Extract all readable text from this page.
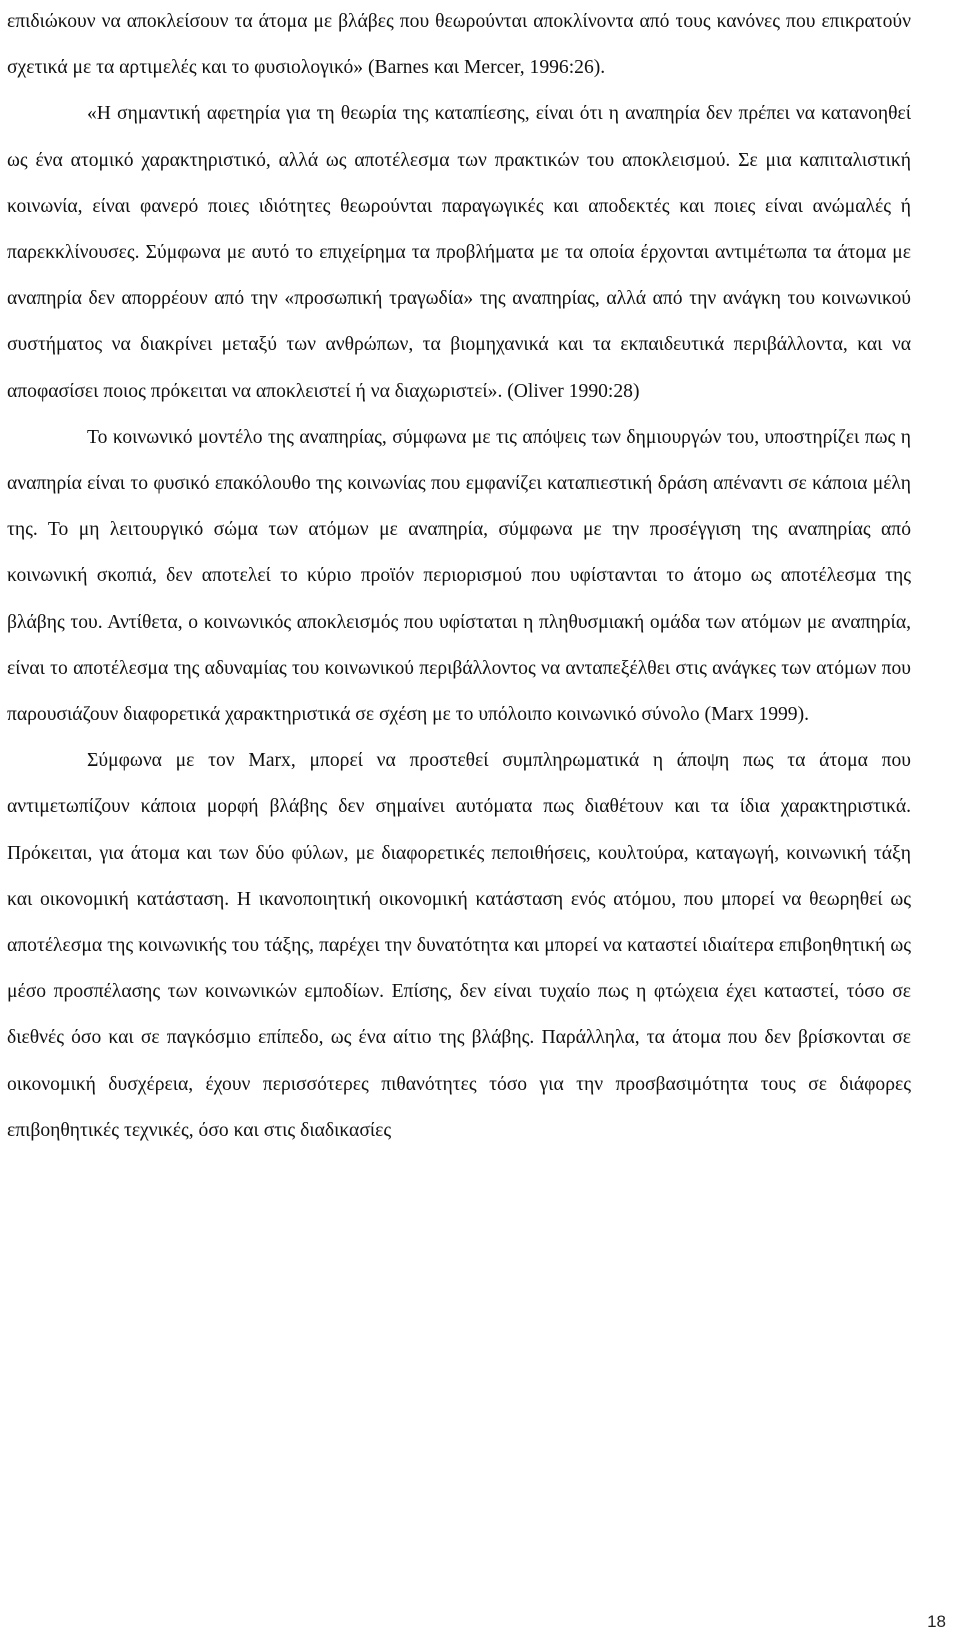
επιδιώκουν να αποκλείσουν τα άτομα με βλάβες που θεωρούνται αποκλίνοντα από τους κανόνες που επικρατούν σχετικά με τα αρτιμελές και το φυσιολογικό» (Barnes και Mercer, 1996:26).

«Η σημαντική αφετηρία για τη θεωρία της καταπίεσης, είναι ότι η αναπηρία δεν πρέπει να κατανοηθεί ως ένα ατομικό χαρακτηριστικό, αλλά ως αποτέλεσμα των πρακτικών του αποκλεισμού. Σε μια καπιταλιστική κοινωνία, είναι φανερό ποιες ιδιότητες θεωρούνται παραγωγικές και αποδεκτές και ποιες είναι ανώμαλές ή παρεκκλίνουσες. Σύμφωνα με αυτό το επιχείρημα τα προβλήματα με τα οποία έρχονται αντιμέτωπα τα άτομα με αναπηρία δεν απορρέουν από την «προσωπική τραγωδία» της αναπηρίας, αλλά από την ανάγκη του κοινωνικού συστήματος να διακρίνει μεταξύ των ανθρώπων, τα βιομηχανικά και τα εκπαιδευτικά περιβάλλοντα, και να αποφασίσει ποιος πρόκειται να αποκλειστεί ή να διαχωριστεί». (Oliver 1990:28)

Το κοινωνικό μοντέλο της αναπηρίας, σύμφωνα με τις απόψεις των δημιουργών του, υποστηρίζει πως η αναπηρία είναι το φυσικό επακόλουθο της κοινωνίας που εμφανίζει καταπιεστική δράση απέναντι σε κάποια μέλη της. Το μη λειτουργικό σώμα των ατόμων με αναπηρία, σύμφωνα με την προσέγγιση της αναπηρίας από κοινωνική σκοπιά, δεν αποτελεί το κύριο προϊόν περιορισμού που υφίστανται το άτομο ως αποτέλεσμα της βλάβης του. Αντίθετα, ο κοινωνικός αποκλεισμός που υφίσταται η πληθυσμιακή ομάδα των ατόμων με αναπηρία, είναι το αποτέλεσμα της αδυναμίας του κοινωνικού περιβάλλοντος να ανταπεξέλθει στις ανάγκες των ατόμων που παρουσιάζουν διαφορετικά χαρακτηριστικά σε σχέση με το υπόλοιπο κοινωνικό σύνολο (Marx 1999).

Σύμφωνα με τον Marx, μπορεί να προστεθεί συμπληρωματικά η άποψη πως τα άτομα που αντιμετωπίζουν κάποια μορφή βλάβης δεν σημαίνει αυτόματα πως διαθέτουν και τα ίδια χαρακτηριστικά. Πρόκειται, για άτομα και των δύο φύλων, με διαφορετικές πεποιθήσεις, κουλτούρα, καταγωγή, κοινωνική τάξη και οικονομική κατάσταση. Η ικανοποιητική οικονομική κατάσταση ενός ατόμου, που μπορεί να θεωρηθεί ως αποτέλεσμα της κοινωνικής του τάξης, παρέχει την δυνατότητα και μπορεί να καταστεί ιδιαίτερα επιβοηθητική ως μέσο προσπέλασης των κοινωνικών εμποδίων. Επίσης, δεν είναι τυχαίο πως η φτώχεια έχει καταστεί, τόσο σε διεθνές όσο και σε παγκόσμιο επίπεδο, ως ένα αίτιο της βλάβης. Παράλληλα, τα άτομα που δεν βρίσκονται σε οικονομική δυσχέρεια, έχουν περισσότερες πιθανότητες τόσο για την προσβασιμότητα τους σε διάφορες επιβοηθητικές τεχνικές, όσο και στις διαδικασίες

18
